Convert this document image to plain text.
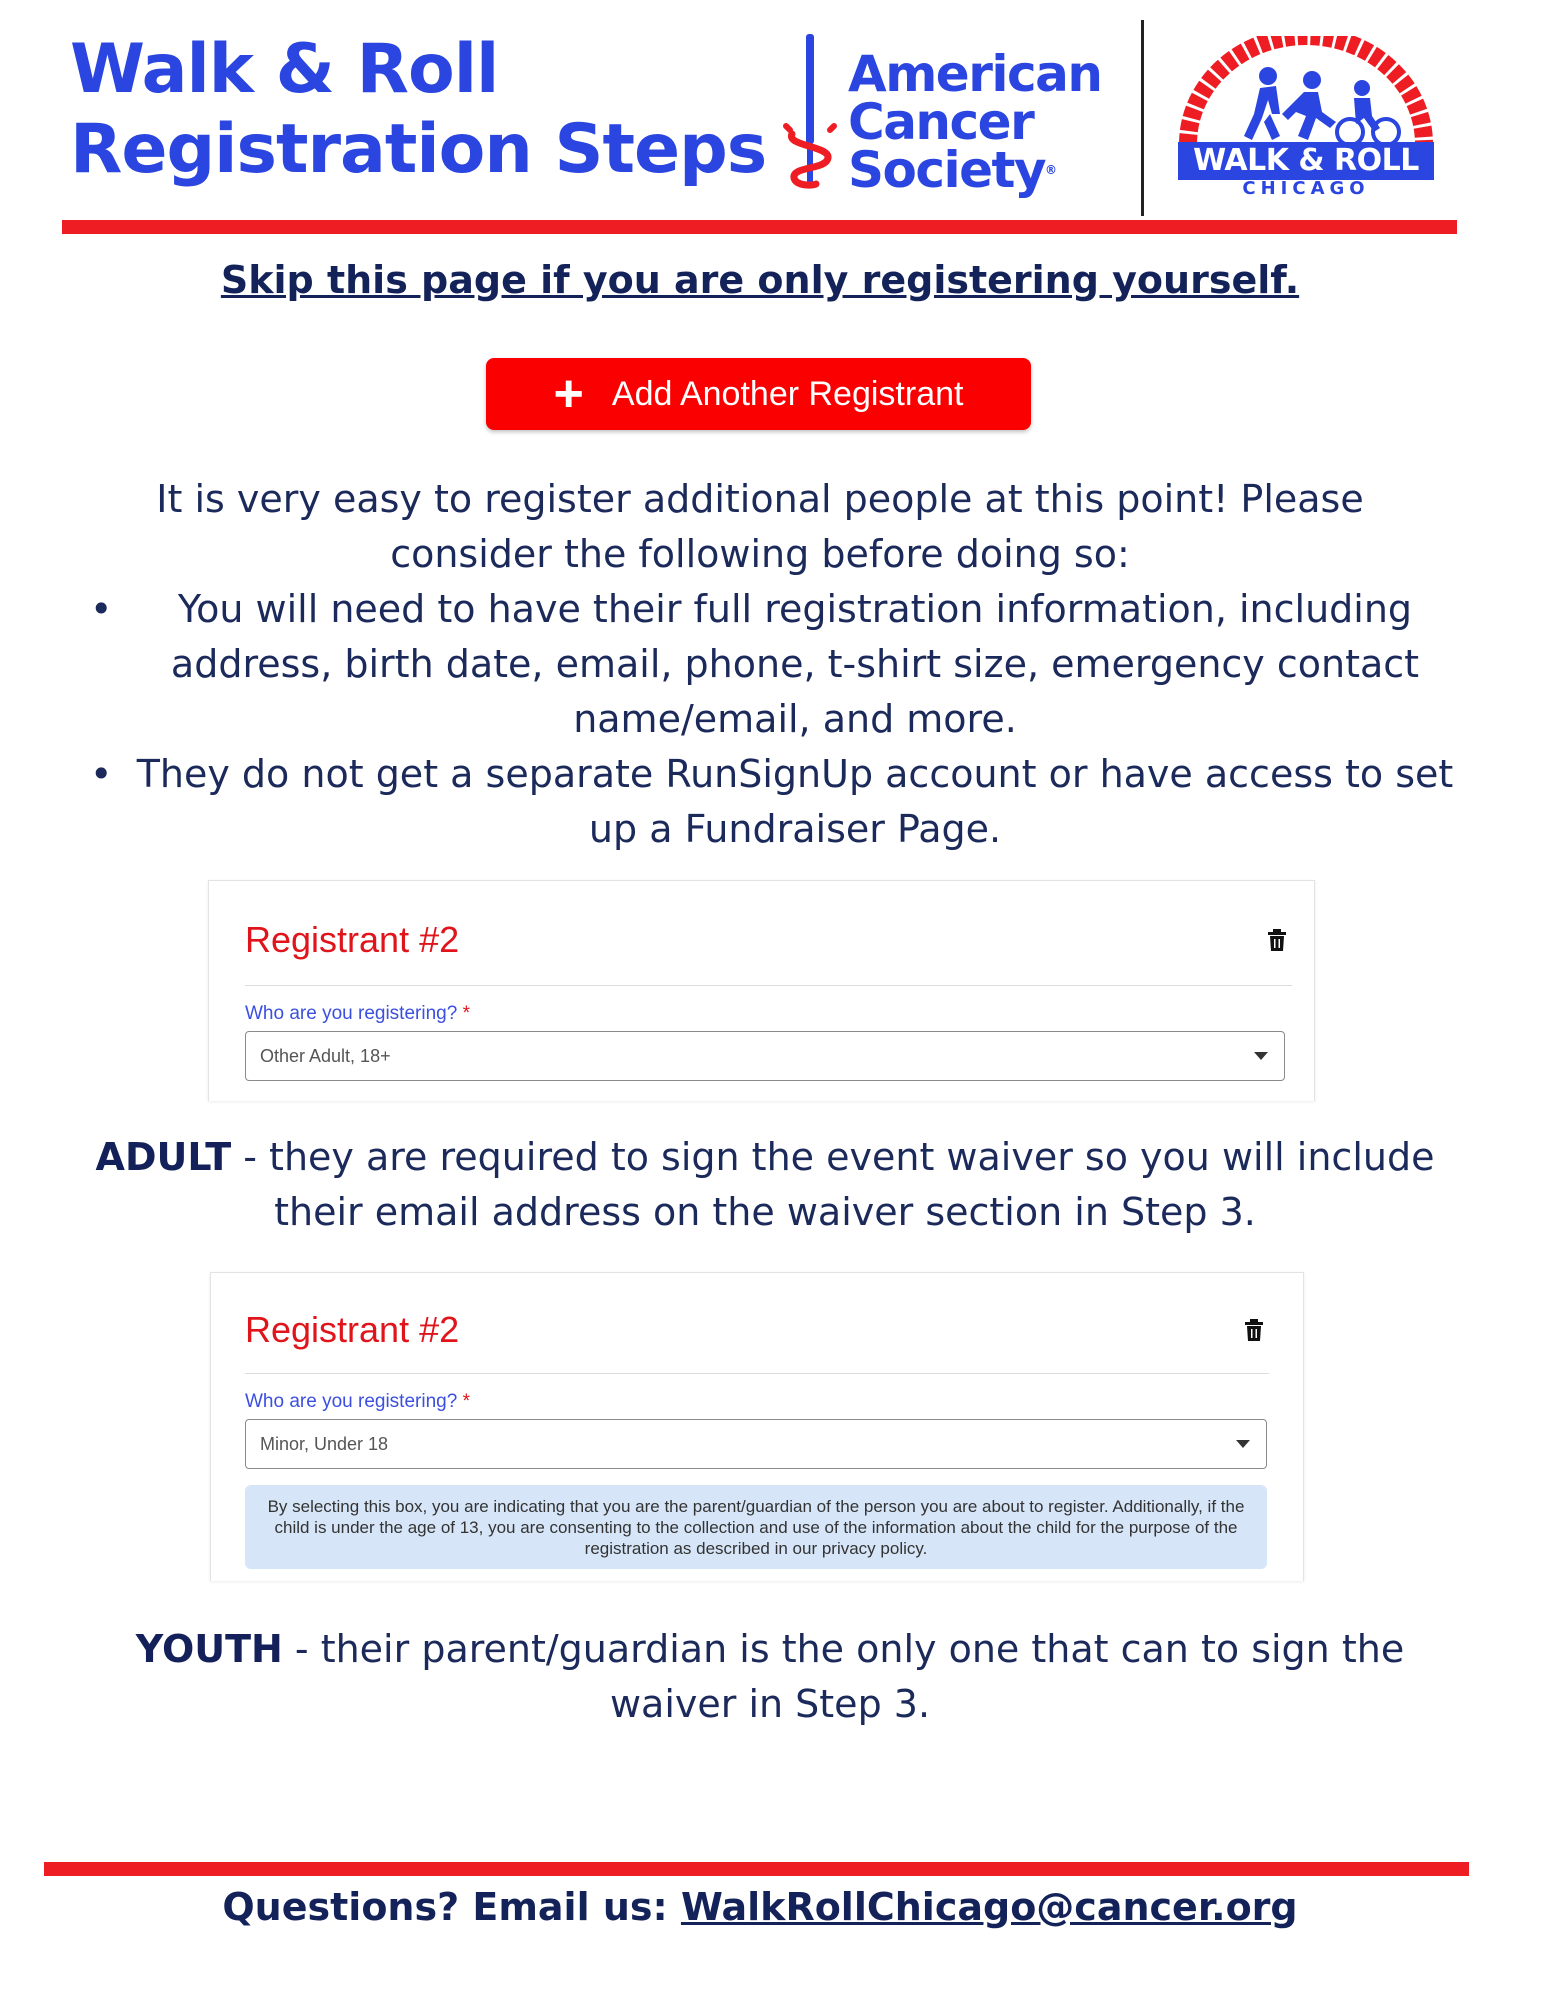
Walk & Roll
Registration Steps
American
Cancer
Society®	WALK & ROLL
CHICAGO
Skip this page if you are only registering yourself.
+ Add Another Registrant
It is very easy to register additional people at this point! Please consider the following before doing so:
•	You will need to have their full registration information, including address, birth date, email, phone, t-shirt size, emergency contact name/email, and more.
• They do not get a separate RunSignUp account or have access to set up a Fundraiser Page.
Registrant #2
Who are you registering? *
Other Adult, 18+
ADULT - they are required to sign the event waiver so you will include their email address on the waiver section in Step 3.
Registrant #2
Who are you registering? *
Minor, Under 18
By selecting this box, you are indicating that you are the parent/guardian of the person you are about to register. Additionally, if the child is under the age of 13, you are consenting to the collection and use of the information about the child for the purpose of the registration as described in our privacy policy.
YOUTH - their parent/guardian is the only one that can to sign the waiver in Step 3.
Questions? Email us: WalkRollChicago@cancer.org
